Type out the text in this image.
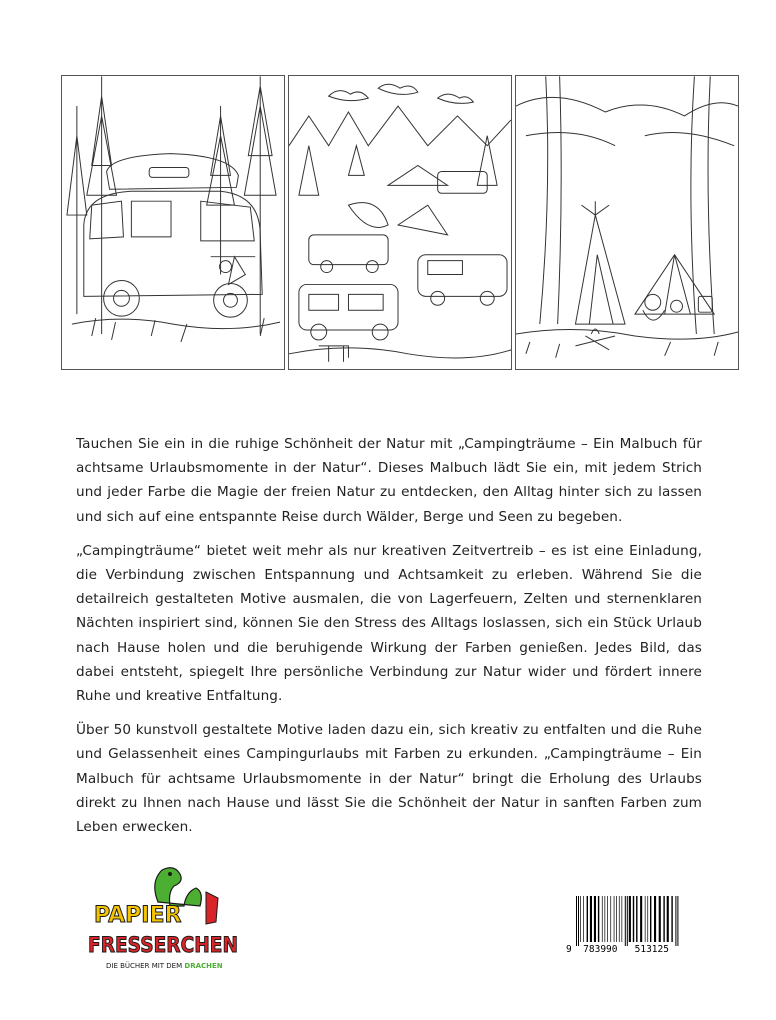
Tauchen Sie ein in die ruhige Schönheit der Natur mit „Campingträume – Ein Malbuch für achtsame Urlaubsmomente in der Natur“. Dieses Malbuch lädt Sie ein, mit jedem Strich und jeder Farbe die Magie der freien Natur zu entdecken, den Alltag hinter sich zu lassen und sich auf eine entspannte Reise durch Wälder, Berge und Seen zu begeben.

„Campingträume“ bietet weit mehr als nur kreativen Zeitvertreib – es ist eine Einladung, die Verbindung zwischen Entspannung und Achtsamkeit zu erleben. Während Sie die detailreich gestalteten Motive ausmalen, die von Lagerfeuern, Zelten und sternenklaren Nächten inspiriert sind, können Sie den Stress des Alltags loslassen, sich ein Stück Urlaub nach Hause holen und die beruhigende Wirkung der Farben genießen. Jedes Bild, das dabei entsteht, spiegelt Ihre persönliche Verbindung zur Natur wider und fördert innere Ruhe und kreative Entfaltung.

Über 50 kunstvoll gestaltete Motive laden dazu ein, sich kreativ zu entfalten und die Ruhe und Gelassenheit eines Campingurlaubs mit Farben zu erkunden. „Campingträume – Ein Malbuch für achtsame Urlaubsmomente in der Natur“ bringt die Erholung des Urlaubs direkt zu Ihnen nach Hause und lässt Sie die Schönheit der Natur in sanften Farben zum Leben erwecken.

PAPIER
FRESSERCHEN
DIE BÜCHER MIT DEM DRACHEN
9  783990   513125
